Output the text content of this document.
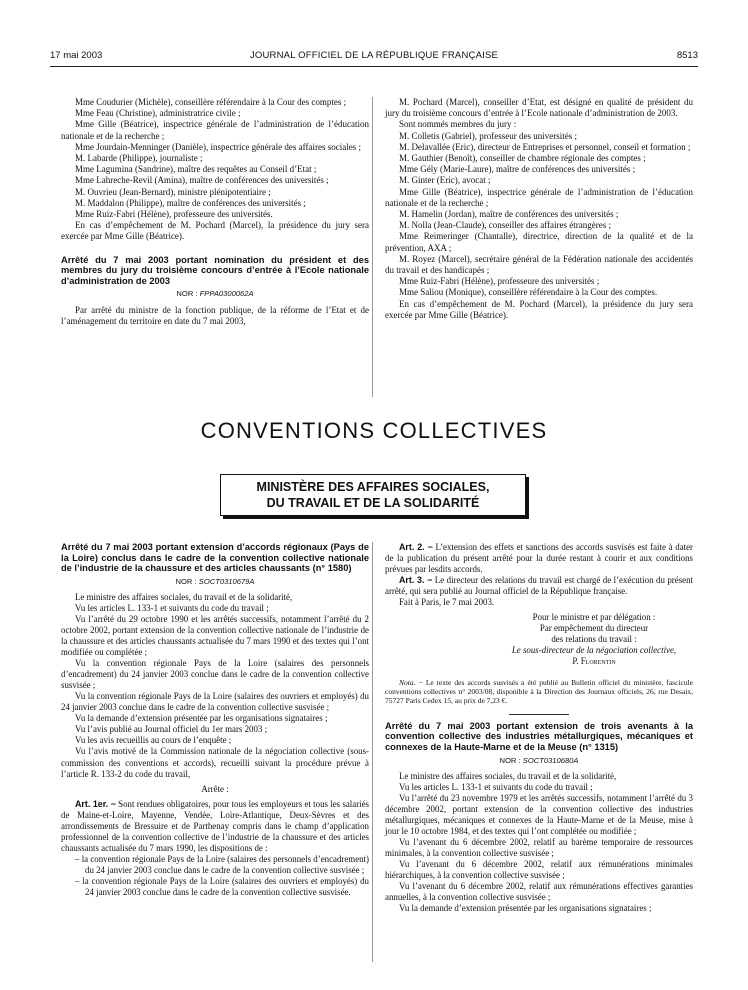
17 mai 2003	JOURNAL OFFICIEL DE LA RÉPUBLIQUE FRANÇAISE	8513

Mme Coudurier (Michèle), conseillère référendaire à la Cour des comptes ;

Mme Feau (Christine), administratrice civile ;

Mme Gille (Béatrice), inspectrice générale de l’administration de l’éducation nationale et de la recherche ;

Mme Jourdain-Menninger (Danièle), inspectrice générale des affaires sociales ;

M. Labarde (Philippe), journaliste ;

Mme Lagumina (Sandrine), maître des requêtes au Conseil d’Etat ;

Mme Lahreche-Revil (Amina), maître de conférences des universités ;

M. Ouvrieu (Jean-Bernard), ministre plénipotentiaire ;

M. Maddalon (Philippe), maître de conférences des universités ;

Mme Ruiz-Fabri (Hélène), professeure des universités.

En cas d’empêchement de M. Pochard (Marcel), la présidence du jury sera exercée par Mme Gille (Béatrice).

Arrêté du 7 mai 2003 portant nomination du président et des membres du jury du troisième concours d’entrée à l’Ecole nationale d’administration de 2003
NOR : FPPA0300062A

Par arrêté du ministre de la fonction publique, de la réforme de l’Etat et de l’aménagement du territoire en date du 7 mai 2003,

M. Pochard (Marcel), conseiller d’Etat, est désigné en qualité de président du jury du troisième concours d’entrée à l’Ecole nationale d’administration de 2003.

Sont nommés membres du jury :

M. Colletis (Gabriel), professeur des universités ;

M. Delavallée (Eric), directeur de Entreprises et personnel, conseil et formation ;

M. Gauthier (Benoît), conseiller de chambre régionale des comptes ;

Mme Gély (Marie-Laure), maître de conférences des universités ;

M. Ginter (Eric), avocat ;

Mme Gille (Béatrice), inspectrice générale de l’administration de l’éducation nationale et de la recherche ;

M. Hamelin (Jordan), maître de conférences des universités ;

M. Nolla (Jean-Claude), conseiller des affaires étrangères ;

Mme Reimeringer (Chantalle), directrice, direction de la qualité et de la prévention, AXA ;

M. Royez (Marcel), secrétaire général de la Fédération nationale des accidentés du travail et des handicapés ;

Mme Ruiz-Fabri (Hélène), professeure des universités ;

Mme Saliou (Monique), conseillère référendaire à la Cour des comptes.

En cas d’empêchement de M. Pochard (Marcel), la présidence du jury sera exercée par Mme Gille (Béatrice).

CONVENTIONS COLLECTIVES
MINISTÈRE DES AFFAIRES SOCIALES,
DU TRAVAIL ET DE LA SOLIDARITÉ
Arrêté du 7 mai 2003 portant extension d’accords régionaux (Pays de la Loire) conclus dans le cadre de la convention collective nationale de l’industrie de la chaussure et des articles chaussants (n° 1580)
NOR : SOCT0310679A

Le ministre des affaires sociales, du travail et de la solidarité,

Vu les articles L. 133-1 et suivants du code du travail ;

Vu l’arrêté du 29 octobre 1990 et les arrêtés successifs, notamment l’arrêté du 2 octobre 2002, portant extension de la convention collective nationale de l’industrie de la chaussure et des articles chaussants actualisée du 7 mars 1990 et des textes qui l’ont modifiée ou complétée ;

Vu la convention régionale Pays de la Loire (salaires des personnels d’encadrement) du 24 janvier 2003 conclue dans le cadre de la convention collective susvisée ;

Vu la convention régionale Pays de la Loire (salaires des ouvriers et employés) du 24 janvier 2003 conclue dans le cadre de la convention collective susvisée ;

Vu la demande d’extension présentée par les organisations signataires ;

Vu l’avis publié au Journal officiel du 1er mars 2003 ;

Vu les avis recueillis au cours de l’enquête ;

Vu l’avis motivé de la Commission nationale de la négociation collective (sous-commission des conventions et accords), recueilli suivant la procédure prévue à l’article R. 133-2 du code du travail,

Arrête :

Art. 1er. − Sont rendues obligatoires, pour tous les employeurs et tous les salariés de Maine-et-Loire, Mayenne, Vendée, Loire-Atlantique, Deux-Sèvres et des arrondissements de Bressuire et de Parthenay compris dans le champ d’application professionnel de la convention collective de l’industrie de la chaussure et des articles chaussants actualisée du 7 mars 1990, les dispositions de :

– la convention régionale Pays de la Loire (salaires des personnels d’encadrement) du 24 janvier 2003 conclue dans le cadre de la convention collective susvisée ;

– la convention régionale Pays de la Loire (salaires des ouvriers et employés) du 24 janvier 2003 conclue dans le cadre de la convention collective susvisée.

Art. 2. − L’extension des effets et sanctions des accords susvisés est faite à dater de la publication du présent arrêté pour la durée restant à courir et aux conditions prévues par lesdits accords.

Art. 3. − Le directeur des relations du travail est chargé de l’exécution du présent arrêté, qui sera publié au Journal officiel de la République française.

Fait à Paris, le 7 mai 2003.

Pour le ministre et par délégation :

Par empêchement du directeur

des relations du travail :

Le sous-directeur de la négociation collective,

P. Florentin

Nota. − Le texte des accords susvisés a été publié au Bulletin officiel du ministère, fascicule conventions collectives n° 2003/08, disponible à la Direction des Journaux officiels, 26, rue Desaix, 75727 Paris Cedex 15, au prix de 7,23 €.

Arrêté du 7 mai 2003 portant extension de trois avenants à la convention collective des industries métallurgiques, mécaniques et connexes de la Haute-Marne et de la Meuse (n° 1315)
NOR : SOCT0310680A

Le ministre des affaires sociales, du travail et de la solidarité,

Vu les articles L. 133-1 et suivants du code du travail ;

Vu l’arrêté du 23 novembre 1979 et les arrêtés successifs, notamment l’arrêté du 3 décembre 2002, portant extension de la convention collective des industries métallurgiques, mécaniques et connexes de la Haute-Marne et de la Meuse, mise à jour le 10 octobre 1984, et des textes qui l’ont complétée ou modifiée ;

Vu l’avenant du 6 décembre 2002, relatif au barème temporaire de ressources minimales, à la convention collective susvisée ;

Vu l’avenant du 6 décembre 2002, relatif aux rémunérations minimales hiérarchiques, à la convention collective susvisée ;

Vu l’avenant du 6 décembre 2002, relatif aux rémunérations effectives garanties annuelles, à la convention collective susvisée ;

Vu la demande d’extension présentée par les organisations signataires ;
